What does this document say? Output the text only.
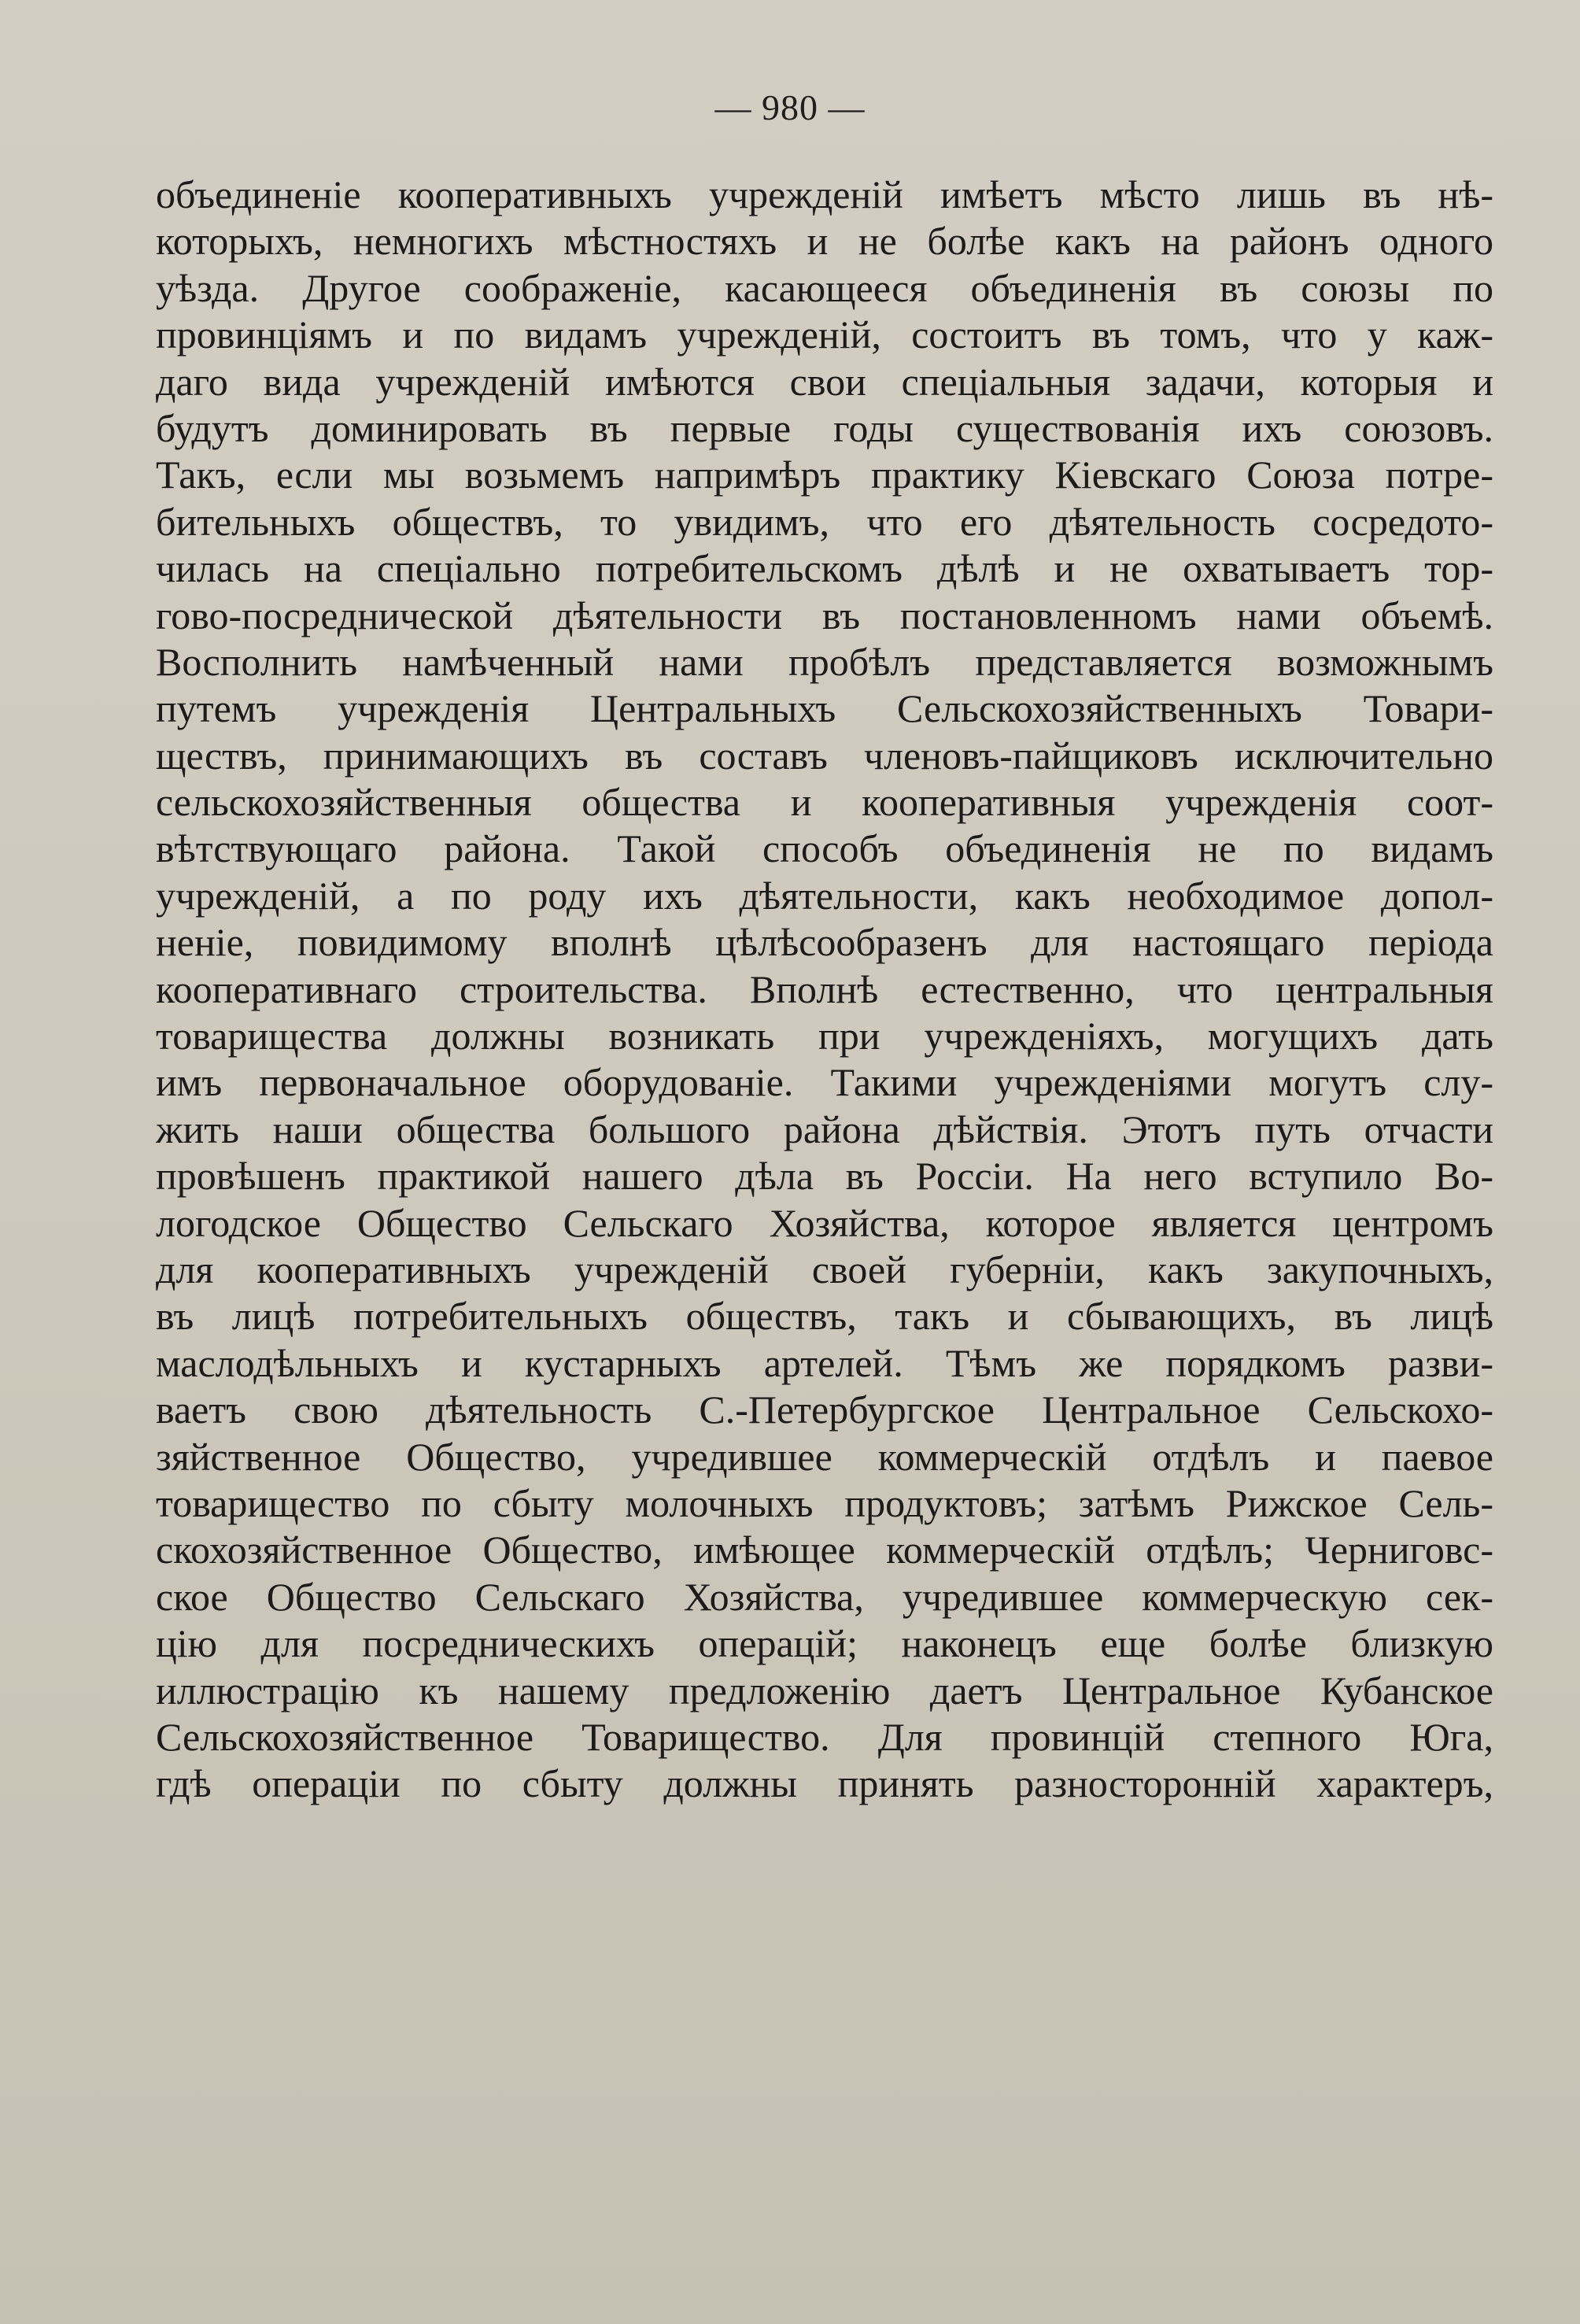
— 980 —

объединеніе кооперативныхъ учрежденій имѣетъ мѣсто лишь въ нѣ-
которыхъ, немногихъ мѣстностяхъ и не болѣе какъ на районъ одного
уѣзда. Другое соображеніе, касающееся объединенія въ союзы по
провинціямъ и по видамъ учрежденій, состоитъ въ томъ, что у каж-
даго вида учрежденій имѣются свои спеціальныя задачи, которыя и
будутъ доминировать въ первые годы существованія ихъ союзовъ.
Такъ, если мы возьмемъ напримѣръ практику Кіевскаго Союза потре-
бительныхъ обществъ, то увидимъ, что его дѣятельность сосредото-
чилась на спеціально потребительскомъ дѣлѣ и не охватываетъ тор-
гово-посреднической дѣятельности въ постановленномъ нами объемѣ.
Восполнить намѣченный нами пробѣлъ представляется возможнымъ
путемъ учрежденія Центральныхъ Сельскохозяйственныхъ Товари-
ществъ, принимающихъ въ составъ членовъ-пайщиковъ исключительно
сельскохозяйственныя общества и кооперативныя учрежденія соот-
вѣтствующаго района. Такой способъ объединенія не по видамъ
учрежденій, а по роду ихъ дѣятельности, какъ необходимое допол-
неніе, повидимому вполнѣ цѣлѣсообразенъ для настоящаго періода
кооперативнаго строительства. Вполнѣ естественно, что центральныя
товарищества должны возникать при учрежденіяхъ, могущихъ дать
имъ первоначальное оборудованіе. Такими учрежденіями могутъ слу-
жить наши общества большого района дѣйствія. Этотъ путь отчасти
провѣшенъ практикой нашего дѣла въ Россіи. На него вступило Во-
логодское Общество Сельскаго Хозяйства, которое является центромъ
для кооперативныхъ учрежденій своей губерніи, какъ закупочныхъ,
въ лицѣ потребительныхъ обществъ, такъ и сбывающихъ, въ лицѣ
маслодѣльныхъ и кустарныхъ артелей. Тѣмъ же порядкомъ разви-
ваетъ свою дѣятельность С.-Петербургское Центральное Сельскохо-
зяйственное Общество, учредившее коммерческій отдѣлъ и паевое
товарищество по сбыту молочныхъ продуктовъ; затѣмъ Рижское Сель-
скохозяйственное Общество, имѣющее коммерческій отдѣлъ; Черниговс-
ское Общество Сельскаго Хозяйства, учредившее коммерческую сек-
цію для посредническихъ операцій; наконецъ еще болѣе близкую
иллюстрацію къ нашему предложенію даетъ Центральное Кубанское
Сельскохозяйственное Товарищество. Для провинцій степного Юга,
гдѣ операціи по сбыту должны принять разносторонній характеръ,
